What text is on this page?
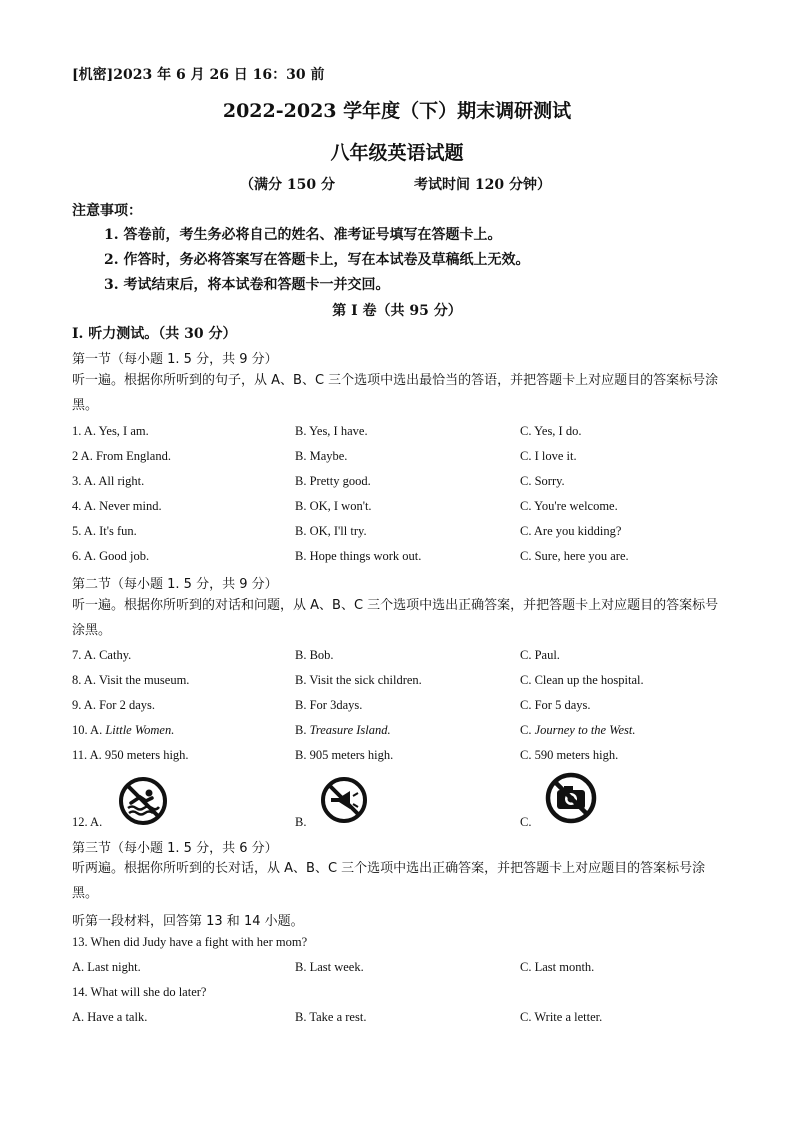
[机密]2023 年 6 月 26 日 16：30 前
2022-2023 学年度（下）期末调研测试
八年级英语试题
（满分 150 分	考试时间 120 分钟）
注意事项：
1. 答卷前，考生务必将自己的姓名、准考证号填写在答题卡上。
2. 作答时，务必将答案写在答题卡上，写在本试卷及草稿纸上无效。
3. 考试结束后，将本试卷和答题卡一并交回。
第 I 卷（共 95 分）
I. 听力测试。（共 30 分）
第一节（每小题 1. 5 分，共 9 分）
听一遍。根据你所听到的句子，从 A、B、C 三个选项中选出最恰当的答语，并把答题卡上对应题目的答案标号涂黑。
1. A. Yes, I am.	B. Yes, I have.	C. Yes, I do.
2 A. From England.	B. Maybe.	C. I love it.
3. A. All right.	B. Pretty good.	C. Sorry.
4. A. Never mind.	B. OK, I won't.	C. You're welcome.
5. A. It's fun.	B. OK, I'll try.	C. Are you kidding?
6. A. Good job.	B. Hope things work out.	C. Sure, here you are.
第二节（每小题 1. 5 分，共 9 分）
听一遍。根据你所听到的对话和问题，从 A、B、C 三个选项中选出正确答案，并把答题卡上对应题目的答案标号涂黑。
7. A. Cathy.	B. Bob.	C. Paul.
8. A. Visit the museum.	B. Visit the sick children.	C. Clean up the hospital.
9. A. For 2 days.	B. For 3days.	C. For 5 days.
10. A. Little Women.	B. Treasure Island.	C. Journey to the West.
11. A. 950 meters high.	B. 905 meters high.	C. 590 meters high.
12. A.	B.	C.
第三节（每小题 1. 5 分，共 6 分）
听两遍。根据你所听到的长对话，从 A、B、C 三个选项中选出正确答案，并把答题卡上对应题目的答案标号涂黑。
听第一段材料，回答第 13 和 14 小题。
13. When did Judy have a fight with her mom?
A. Last night.	B. Last week.	C. Last month.
14. What will she do later?
A. Have a talk.	B. Take a rest.	C. Write a letter.
